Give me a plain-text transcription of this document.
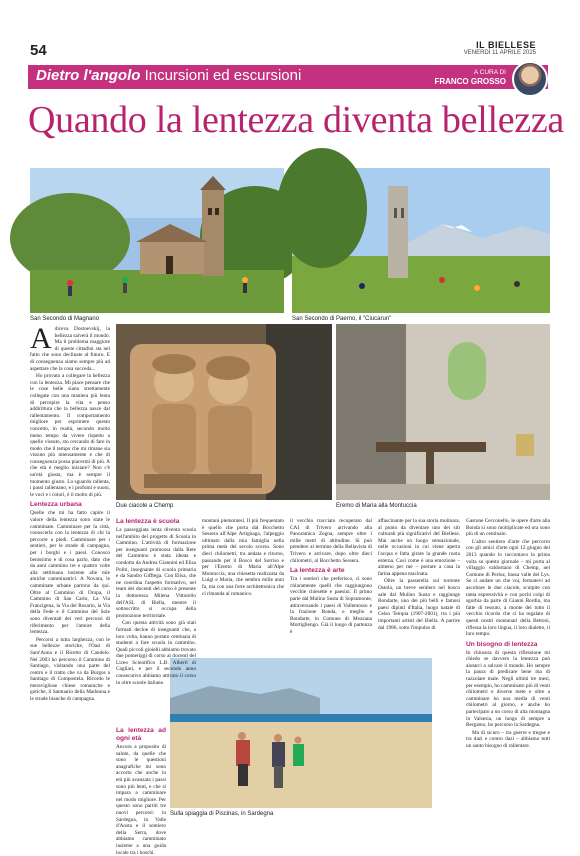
54	IL BIELLESE
VENERDÌ 11 APRILE 2025
Dietro l'angolo Incursioni ed escursioni	A CURA DI
FRANCO GROSSO
Quando la lentezza diventa bellezza
San Secondo di Magnano	San Secondo di Paerno, il "Ciucarun"
Due ciacole a Chemp	Eremo di Maria alla Montuccia
Sulla spiaggia di Piscinas, in Sardegna
A diceva Dostoevskij, la bellezza salverà il mondo. Ma il problema maggiore di queste cittadini sta nel fatto che sono declinate al futuro. E di conseguenza siamo sempre più ad aspettare che la cosa succeda...

Ho provato a collegare la bellezza con la lentezza. Mi piace pensare che le cose belle siano strettamente collegate con una maniera più lenta di percepire la vita e penso addirittura che la bellezza nasce dal rallentamento. Il comportamento migliore per esprimere questo concetto, in realtà, secondo molto meno tempo da vivere rispetto a quello vissuto, sto cercando di fare in modo che il tempo che mi rimane sia vissuto più intensamente e che di conseguenza possa piacermi di più. A che età è meglio iniziare? Non c'è un'età giusta, ma è sempre il momento giusto. Lo sguardo rallenta, i passi rallentano, e i profumi e suoni, le voci e i colori, è il molto di più.

Lentezza urbana

Quelle che mi ha fatto capire il valore della lentezza sono state le camminate. Camminare per la città, conoscerla con la lentezza di chi la percorre a piedi. Camminare per i sentieri, per le strade di campagna, per i borghi e i paesi. Conosco benissimo e di cosa parlo, dato che da anni cammino tre e quattro volte alla settimana insieme alle mie amiche camminatrici. A Novara, le camminate urbane partono da qui. Oltre al Cammino di Oropa, il Cammino di San Carlo, La Via Francigena, la Via del Rosario, la Via della Fede e il Cammino del Sole sono diventati dei veri percorsi di riferimento per l'amore della lentezza.

Percorsi a tutta larghezza, con le sue bellezze storiche, l'Oasi di Sant'Anna e il Ricetto di Candelo. Nel 2003 ho percorso il Cammino di Santiago, visitando una parte del centro e il tratto che va da Burgos a Santiago di Compostela. Ricordo le meravigliose chiese romaniche e gotiche, il Santuario della Madonna e le strade bianche di campagna.

La lentezza è scuola

La passeggiata lenta diventa scuola nell'ambito del progetto di Scuola in Cammino. L'attività di formazione per insegnanti promossa dalla Rete del Cammino è stata ideata e condotta da Andrea Giannini ed Elisa Politi, insegnante di scuola primaria e da Sandro Gifftega. Con Elisa, che ne coordina l'aspetto formativo, nel team dei docenti del corso è presente la dottoressa Milena Vittorello dell'ASL di Biella, mentre il sottoscritto si occupa della promozione territoriale.

Con questa attività sono già stati formati decine di insegnanti che, a loro volta, hanno portato centinaia di studenti a fare scuola in cammino. Quali piccoli gioielli abbiamo trovato due pomeriggi di corso ai docenti del Liceo Scientifico L.B. Alberti di Cagliari, e per il secondo anno consecutivo abbiamo attivato il corso in oltre scuole italiane.

La lentezza ad ogni età

Ancora a proposito di salute, da quelle che sono le questioni anagrafiche mi sono accorto che anche in età più avanzata i passi sono più lenti, e che si impara a camminare nel modo migliore. Per questo sono partiti tre nuovi percorsi: in Sardegna, in Valle d'Aosta e il sentiero della Serra, dove abbiamo camminato insieme a una guida locale tra i boschi.

montani piemontesi. Il più frequentato è quello che porta dal Bocchetto Sessera all'Alpe Artignaga, l'alpeggio ultimato dalla mia famiglia nella prima metà del secolo scorso. Sono dieci chilometri, tra andata e ritorno, passando per il Bosco del Sorriso e per l'Eremo di Maria all'Alpe Montuccia, una chiesetta realizzata da Luigi e Maria, che sembra mille anni fa, ma con una forte architettonica che ci rimanda al romanico.

il vecchio tracciato recuperato dal CAI di Trivero arrivando alla Panoramica Zegna, sempre oltre i mille metri di altitudine. Si può prendere al termine della Bellavista di Trivero e arrivare, dopo oltre dieci chilometri, al Bocchetto Sessera.

La lentezza è arte

Tra i sentieri che preferisco, ci sono chiaramente quelli che raggiungono vecchie chiesette e paesini. Il primo parte dal Mulino Susta di Sopramonte, attraversando i paesi di Vallemosso e la frazione Bonda, o meglio a Bondarte, in Comune di Mezzana Mortigliengo. Già il luogo di partenza è

affascinante per la sua storia molinara, al punto da diventare uno dei siti culturali più significativi del Biellese. Mai anche un luogo sensazionale, nelle occasioni in cui viene aperta l'acqua e fatta girare la grande ruota esterna. Così come è una emozione – almeno per me – portare a casa la farina appena macinata.

Oltre la passerella sul torrente Ostola, un breve sentiero nel bosco sale dal Mulino Susta e raggiunge Bondarte, uno dei più belli e famosi paesi dipinti d'Italia, luogo natale di Celso Tempia (1907-2001), tra i più importanti artisti del Biella. A partire dal 1986, sotto l'impulso di

Gastone Cecconello, le opere d'arte alla Bonda si sono moltiplicate ed ora sono più di un centinaio.

L'altro sentiero d'arte che percorro con gli amici d'arte ogni 12 giugno del 2013 quando lo raccontavo la prima volta su questo giornale – mi porta al villaggio valdostano di Chemp, nel Comune di Perloz, bassa valle del Lys. Se ci andate un che voi, fermatevi ad ascoltare le due ciacole, sculpite con tanta espressività e con pochi colpi di sgorbia da parte di Gianni Bordin, ma fatte di tessuto, a monte del tutto il vecchio ricordo che ci ha regalato di questi nostri montanari della Bettoni, riflessa la loro lingua, il loro dialetto, il loro tempo.

Un bisogno di lentezza

In chiusura di questa riflessione mi chiedo se davvero la lentezza può aiutarci a salvare il mondo. Ho sempre la paura di predicare bene ma di razzolare male. Negli ultimi tre mesi, per esempio, ho camminato più di venti chilometri e diverse mete e oltre a camminare ho una media di venti chilometri al giorno, e anche ho partecipato a un corso di alta montagna in Valsesia, un lungo di sempre a Bergamo, ho percorso la Sardegna.

Ma di sicuro – tra guerre e tregue e tra dazi e contro dazi – abbiamo tutti un santo bisogno di rallentare.
